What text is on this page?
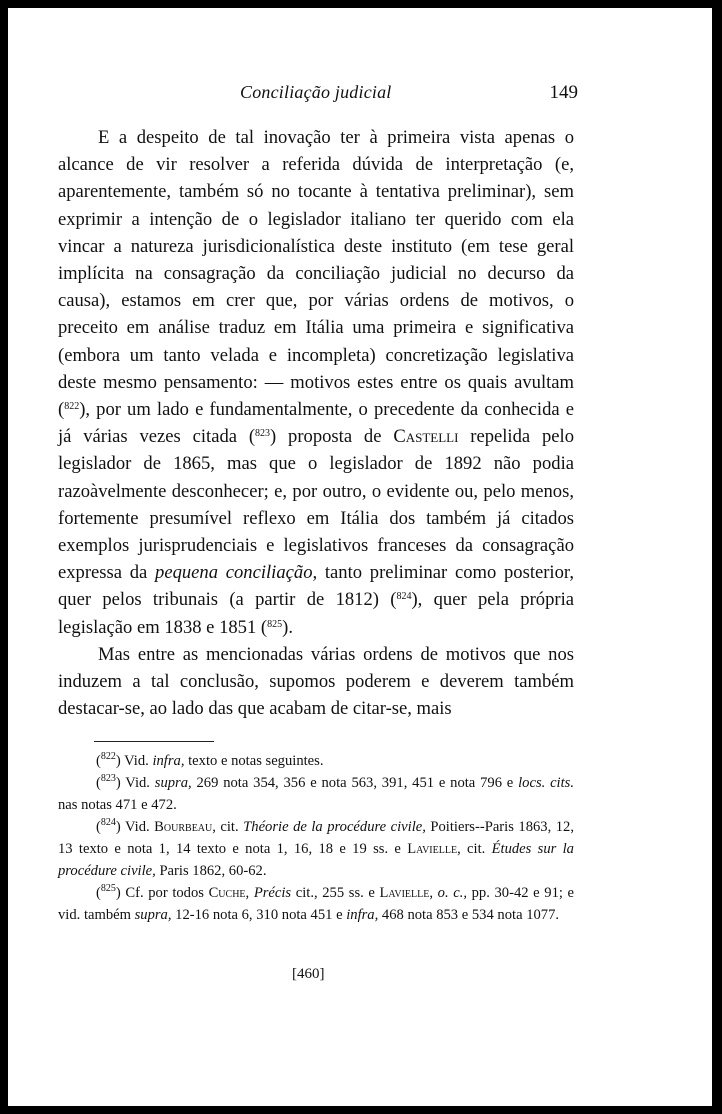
Conciliação judicial	149

E a despeito de tal inovação ter à primeira vista apenas o alcance de vir resolver a referida dúvida de interpretação (e, aparentemente, também só no tocante à tentativa preliminar), sem exprimir a intenção de o legislador italiano ter querido com ela vincar a natureza jurisdicionalística deste instituto (em tese geral implícita na consagração da conciliação judicial no decurso da causa), estamos em crer que, por várias ordens de motivos, o preceito em análise traduz em Itália uma primeira e significativa (embora um tanto velada e incompleta) concretização legislativa deste mesmo pensamento: — motivos estes entre os quais avultam ($^{822}$), por um lado e fundamentalmente, o precedente da conhecida e já várias vezes citada ($^{823}$) proposta de Castelli repelida pelo legislador de 1865, mas que o legislador de 1892 não podia razoàvelmente desconhecer; e, por outro, o evidente ou, pelo menos, fortemente presumível reflexo em Itália dos também já citados exemplos jurisprudenciais e legislativos franceses da consagração expressa da pequena conciliação, tanto preliminar como posterior, quer pelos tribunais (a partir de 1812) ($^{824}$), quer pela própria legislação em 1838 e 1851 ($^{825}$).

Mas entre as mencionadas várias ordens de motivos que nos induzem a tal conclusão, supomos poderem e deverem também destacar-se, ao lado das que acabam de citar-se, mais

($^{822}$) Vid. infra, texto e notas seguintes.

($^{823}$) Vid. supra, 269 nota 354, 356 e nota 563, 391, 451 e nota 796 e locs. cits. nas notas 471 e 472.

($^{824}$) Vid. Bourbeau, cit. Théorie de la procédure civile, Poitiers--Paris 1863, 12, 13 texto e nota 1, 14 texto e nota 1, 16, 18 e 19 ss. e Lavielle, cit. Études sur la procédure civile, Paris 1862, 60-62.

($^{825}$) Cf. por todos Cuche, Précis cit., 255 ss. e Lavielle, o. c., pp. 30-42 e 91; e vid. também supra, 12-16 nota 6, 310 nota 451 e infra, 468 nota 853 e 534 nota 1077.

[460]
